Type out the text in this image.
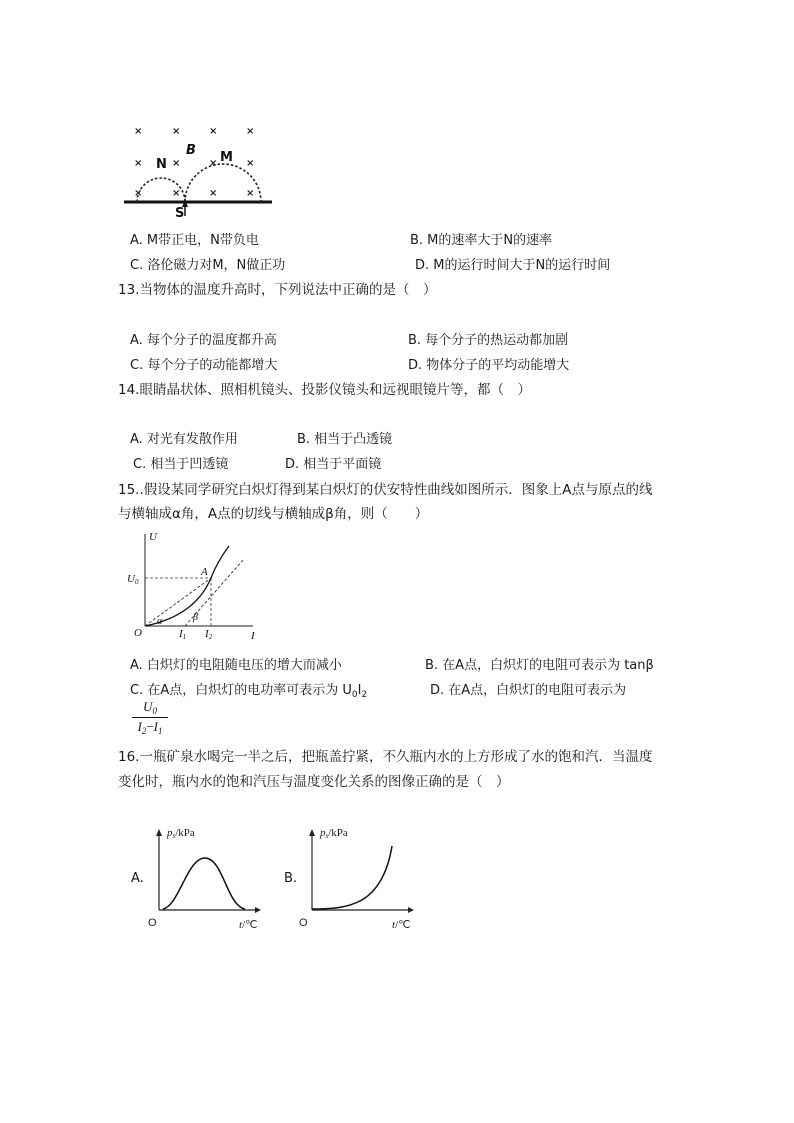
×	×	×	×
×	×	×	×
×	×	×	×
B
N	M
S
A. M带正电，N带负电	B. M的速率大于N的速率
C. 洛伦磁力对M，N做正功	D. M的运行时间大于N的运行时间
13.当物体的温度升高时，下列说法中正确的是（　）
A. 每个分子的温度都升高	B. 每个分子的热运动都加剧
C. 每个分子的动能都增大	D. 物体分子的平均动能增大
14.眼睛晶状体、照相机镜头、投影仪镜头和远视眼镜片等，都（　）
A. 对光有发散作用	B. 相当于凸透镜
C. 相当于凹透镜	D. 相当于平面镜
15..假设某同学研究白炽灯得到某白炽灯的伏安特性曲线如图所示．图象上A点与原点的线
与横轴成α角，A点的切线与横轴成β角，则（　　）
U
U0
O	I
I1 I2
A
α	β
A. 白炽灯的电阻随电压的增大而减小	B. 在A点，白炽灯的电阻可表示为 tanβ
C. 在A点，白炽灯的电功率可表示为 $U_0I_2$	D. 在A点，白炽灯的电阻可表示为
$U_0$
$I_2-I_1$
16.一瓶矿泉水喝完一半之后，把瓶盖拧紧，不久瓶内水的上方形成了水的饱和汽．当温度
变化时，瓶内水的饱和汽压与温度变化关系的图像正确的是（　）
A.
ps/kPa
O	t/℃
B.
ps/kPa
O	t/℃
